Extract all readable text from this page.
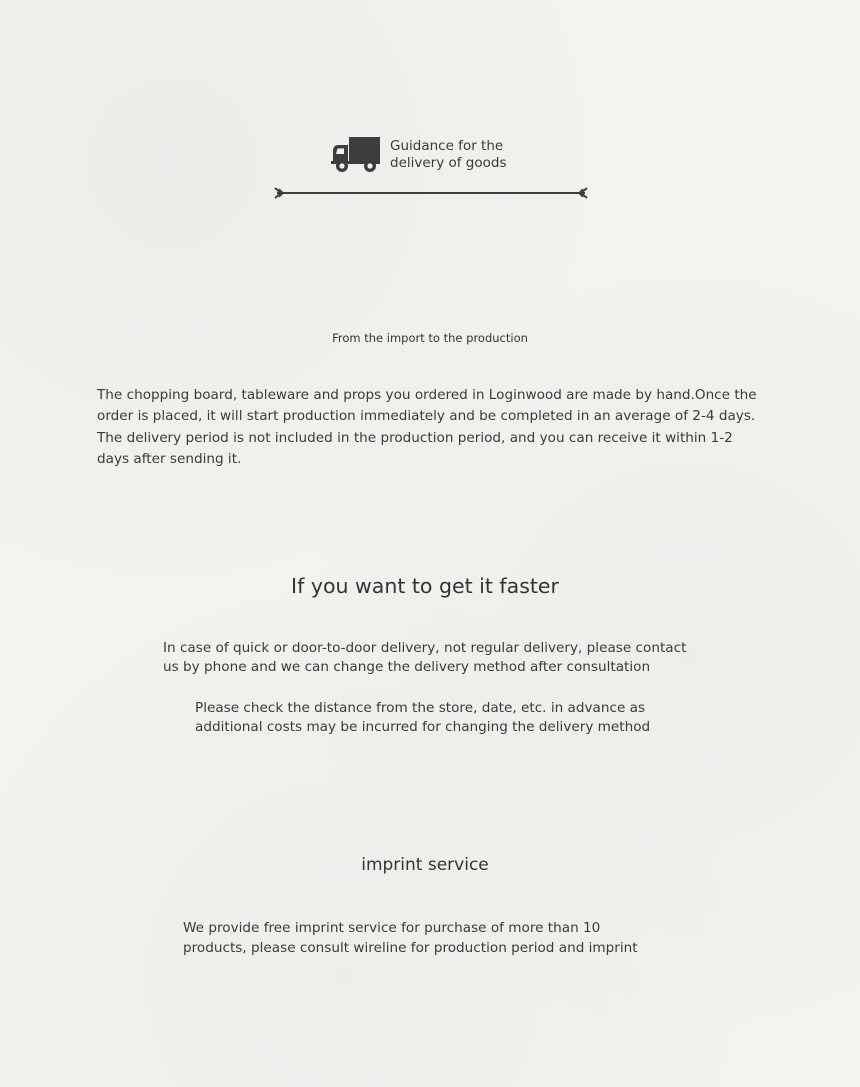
Guidance for the
delivery of goods
From the import to the production
The chopping board, tableware and props you ordered in Loginwood are made by hand.Once the order is placed, it will start production immediately and be completed in an average of 2-4 days. The delivery period is not included in the production period, and you can receive it within 1-2 days after sending it.
If you want to get it faster
In case of quick or door-to-door delivery, not regular delivery, please contact
us by phone and we can change the delivery method after consultation
Please check the distance from the store, date, etc. in advance as
additional costs may be incurred for changing the delivery method
imprint service
We provide free imprint service for purchase of more than 10
products, please consult wireline for production period and imprint
